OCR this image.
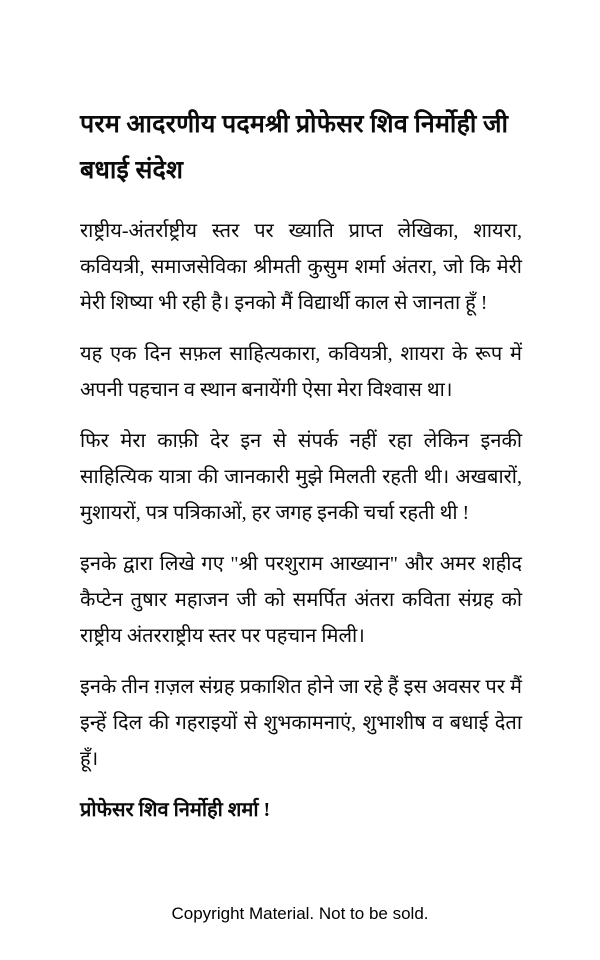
परम आदरणीय पदमश्री प्रोफेसर शिव निर्मोही जी बधाई संदेश

राष्ट्रीय-अंतर्राष्ट्रीय स्तर पर ख्याति प्राप्त लेखिका, शायरा, कवियत्री, समाजसेविका श्रीमती कुसुम शर्मा अंतरा, जो कि मेरी मेरी शिष्या भी रही है। इनको मैं विद्यार्थी काल से जानता हूँ !

यह एक दिन सफ़ल साहित्यकारा, कवियत्री, शायरा के रूप में अपनी पहचान व स्थान बनायेंगी ऐसा मेरा विश्वास था।

फिर मेरा काफ़ी देर इन से संपर्क नहीं रहा लेकिन इनकी साहित्यिक यात्रा की जानकारी मुझे मिलती रहती थी। अखबारों, मुशायरों, पत्र पत्रिकाओं, हर जगह इनकी चर्चा रहती थी !

इनके द्वारा लिखे गए "श्री परशुराम आख्यान" और अमर शहीद कैप्टेन तुषार महाजन जी को समर्पित अंतरा कविता संग्रह को राष्ट्रीय अंतरराष्ट्रीय स्तर पर पहचान मिली।

इनके तीन ग़ज़ल संग्रह प्रकाशित होने जा रहे हैं इस अवसर पर मैं इन्हें दिल की गहराइयों से शुभकामनाएं, शुभाशीष व बधाई देता हूँ।

प्रोफेसर शिव निर्मोही शर्मा !

Copyright Material. Not to be sold.
